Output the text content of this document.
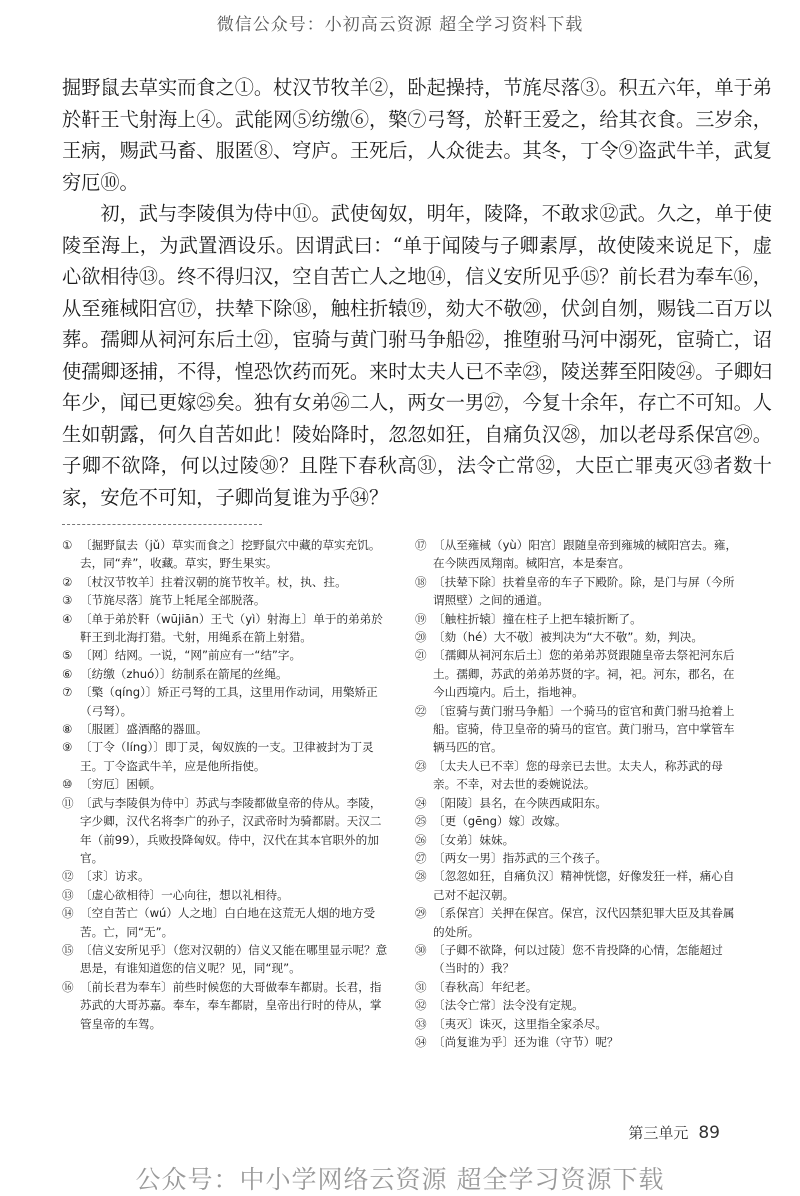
微信公众号：小初高云资源 超全学习资料下载

掘野鼠去草实而食之①。杖汉节牧羊②，卧起操持，节旄尽落③。积五六年，单于弟於靬王弋射海上④。武能网⑤纺缴⑥，檠⑦弓弩，於靬王爱之，给其衣食。三岁余，王病，赐武马畜、服匿⑧、穹庐。王死后，人众徙去。其冬，丁令⑨盗武牛羊，武复穷厄⑩。

初，武与李陵俱为侍中⑪。武使匈奴，明年，陵降，不敢求⑫武。久之，单于使陵至海上，为武置酒设乐。因谓武曰：“单于闻陵与子卿素厚，故使陵来说足下，虚心欲相待⑬。终不得归汉，空自苦亡人之地⑭，信义安所见乎⑮？前长君为奉车⑯，从至雍棫阳宫⑰，扶辇下除⑱，触柱折辕⑲，劾大不敬⑳，伏剑自刎，赐钱二百万以葬。孺卿从祠河东后土㉑，宦骑与黄门驸马争船㉒，推堕驸马河中溺死，宦骑亡，诏使孺卿逐捕，不得，惶恐饮药而死。来时太夫人已不幸㉓，陵送葬至阳陵㉔。子卿妇年少，闻已更嫁㉕矣。独有女弟㉖二人，两女一男㉗，今复十余年，存亡不可知。人生如朝露，何久自苦如此！陵始降时，忽忽如狂，自痛负汉㉘，加以老母系保宫㉙。子卿不欲降，何以过陵㉚？且陛下春秋高㉛，法令亡常㉜，大臣亡罪夷灭㉝者数十家，安危不可知，子卿尚复谁为乎㉞？

① 〔掘野鼠去（jǔ）草实而食之〕挖野鼠穴中藏的草实充饥。去，同“弆”，收藏。草实，野生果实。
② 〔杖汉节牧羊〕拄着汉朝的旄节牧羊。杖，执、拄。
③ 〔节旄尽落〕旄节上牦尾全部脱落。
④ 〔单于弟於靬（wūjiān）王弋（yì）射海上〕单于的弟弟於靬王到北海打猎。弋射，用绳系在箭上射猎。
⑤ 〔网〕结网。一说，“网”前应有一“结”字。
⑥ 〔纺缴（zhuó）〕纺制系在箭尾的丝绳。
⑦ 〔檠（qíng）〕矫正弓弩的工具，这里用作动词，用檠矫正（弓弩）。
⑧ 〔服匿〕盛酒酪的器皿。
⑨ 〔丁令（líng）〕即丁灵，匈奴族的一支。卫律被封为丁灵王。丁令盗武牛羊，应是他所指使。
⑩ 〔穷厄〕困顿。
⑪ 〔武与李陵俱为侍中〕苏武与李陵都做皇帝的侍从。李陵，字少卿，汉代名将李广的孙子，汉武帝时为骑都尉。天汉二年（前99），兵败投降匈奴。侍中，汉代在其本官职外的加官。
⑫ 〔求〕访求。
⑬ 〔虚心欲相待〕一心向往，想以礼相待。
⑭ 〔空自苦亡（wú）人之地〕白白地在这荒无人烟的地方受苦。亡，同“无”。
⑮ 〔信义安所见乎〕（您对汉朝的）信义又能在哪里显示呢？意思是，有谁知道您的信义呢？见，同“现”。
⑯ 〔前长君为奉车〕前些时候您的大哥做奉车都尉。长君，指苏武的大哥苏嘉。奉车，奉车都尉，皇帝出行时的侍从，掌管皇帝的车驾。
⑰ 〔从至雍棫（yù）阳宫〕跟随皇帝到雍城的棫阳宫去。雍，在今陕西凤翔南。棫阳宫，本是秦宫。
⑱ 〔扶辇下除〕扶着皇帝的车子下殿阶。除，是门与屏（今所谓照壁）之间的通道。
⑲ 〔触柱折辕〕撞在柱子上把车辕折断了。
⑳ 〔劾（hé）大不敬〕被判决为“大不敬”。劾，判决。
㉑ 〔孺卿从祠河东后土〕您的弟弟苏贤跟随皇帝去祭祀河东后土。孺卿，苏武的弟弟苏贤的字。祠，祀。河东，郡名，在今山西境内。后土，指地神。
㉒ 〔宦骑与黄门驸马争船〕一个骑马的宦官和黄门驸马抢着上船。宦骑，侍卫皇帝的骑马的宦官。黄门驸马，宫中掌管车辆马匹的官。
㉓ 〔太夫人已不幸〕您的母亲已去世。太夫人，称苏武的母亲。不幸，对去世的委婉说法。
㉔ 〔阳陵〕县名，在今陕西咸阳东。
㉕ 〔更（gēng）嫁〕改嫁。
㉖ 〔女弟〕妹妹。
㉗ 〔两女一男〕指苏武的三个孩子。
㉘ 〔忽忽如狂，自痛负汉〕精神恍惚，好像发狂一样，痛心自己对不起汉朝。
㉙ 〔系保宫〕关押在保宫。保宫，汉代囚禁犯罪大臣及其眷属的处所。
㉚ 〔子卿不欲降，何以过陵〕您不肯投降的心情，怎能超过（当时的）我？
㉛ 〔春秋高〕年纪老。
㉜ 〔法令亡常〕法令没有定规。
㉝ 〔夷灭〕诛灭，这里指全家杀尽。
㉞ 〔尚复谁为乎〕还为谁（守节）呢？
第三单元 89
公众号：中小学网络云资源 超全学习资源下载
